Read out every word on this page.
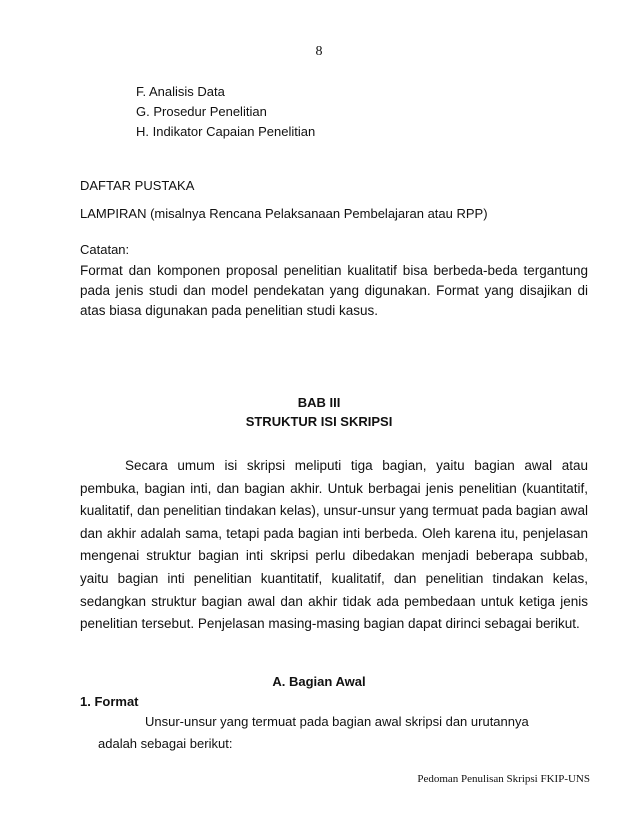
8
F. Analisis Data
G. Prosedur Penelitian
H. Indikator Capaian Penelitian
DAFTAR PUSTAKA
LAMPIRAN (misalnya Rencana Pelaksanaan Pembelajaran atau RPP)
Catatan:
Format dan komponen proposal penelitian kualitatif bisa berbeda-beda tergantung pada jenis studi dan model pendekatan yang digunakan. Format yang disajikan di atas biasa digunakan pada penelitian studi kasus.
BAB III
STRUKTUR ISI SKRIPSI
Secara umum isi skripsi meliputi tiga bagian, yaitu bagian awal atau pembuka, bagian inti, dan bagian akhir. Untuk berbagai jenis penelitian (kuantitatif, kualitatif, dan penelitian tindakan kelas), unsur-unsur yang termuat pada bagian awal dan akhir adalah sama, tetapi pada bagian inti berbeda. Oleh karena itu, penjelasan mengenai struktur bagian inti skripsi perlu dibedakan menjadi beberapa subbab, yaitu bagian inti penelitian kuantitatif, kualitatif, dan penelitian tindakan kelas, sedangkan struktur bagian awal dan akhir tidak ada pembedaan untuk ketiga jenis penelitian tersebut. Penjelasan masing-masing bagian dapat dirinci sebagai berikut.
A. Bagian Awal
1. Format
Unsur-unsur yang termuat pada bagian awal skripsi dan urutannya
adalah sebagai berikut:
Pedoman Penulisan Skripsi FKIP-UNS
